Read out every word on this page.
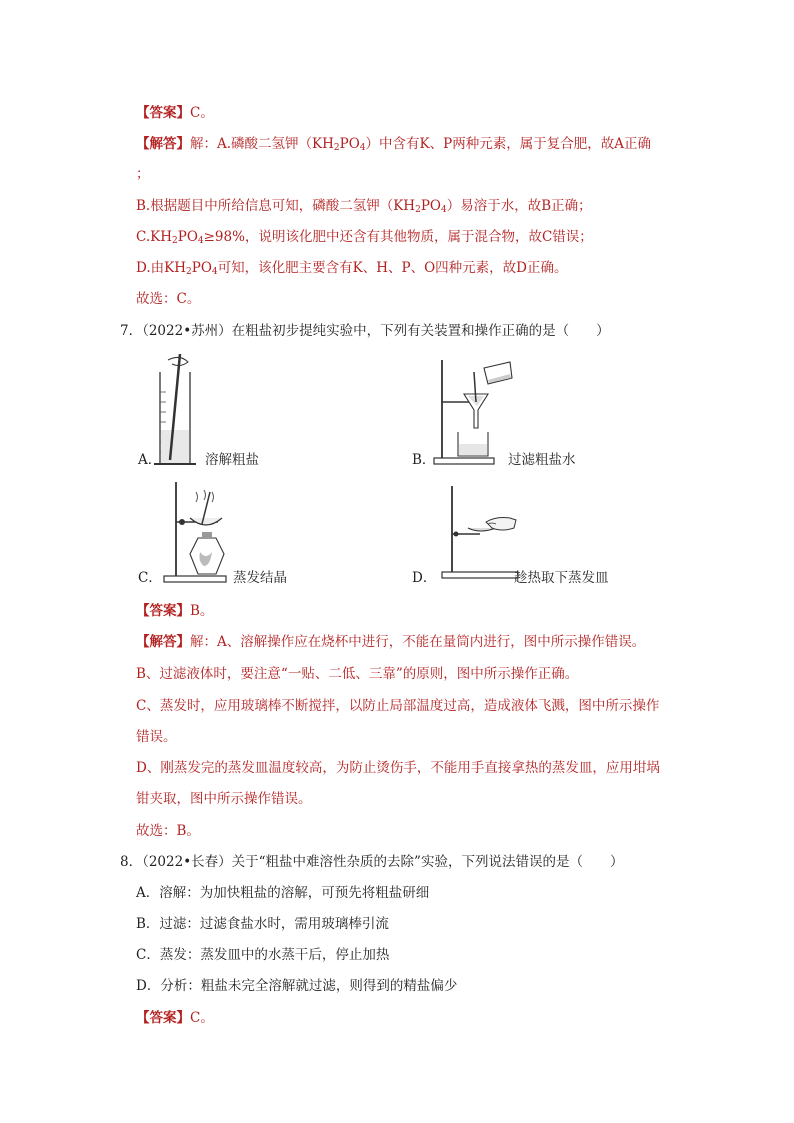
【答案】C。
【解答】解：A.磷酸二氢钾$(KH_2PO_4)$中含有K、P两种元素，属于复合肥，故A正确
；
B.根据题目中所给信息可知，磷酸二氢钾$(KH_2PO_4)$易溶于水，故B正确；
$C.KH_2PO_4\ge 98\%$，说明该化肥中还含有其他物质，属于混合物，故C错误；
D.由$KH_2PO_4$可知，该化肥主要含有K、H、P、O四种元素，故D正确。
故选：C。
7．（2022•苏州）在粗盐初步提纯实验中，下列有关装置和操作正确的是（　　）
A．	溶解粗盐	B．	过滤粗盐水
C．	蒸发结晶	D．	趁热取下蒸发皿
【答案】B。
【解答】解：A、溶解操作应在烧杯中进行，不能在量筒内进行，图中所示操作错误。
B、过滤液体时，要注意“一贴、二低、三靠”的原则，图中所示操作正确。
C、蒸发时，应用玻璃棒不断搅拌，以防止局部温度过高，造成液体飞溅，图中所示操作
错误。
D、刚蒸发完的蒸发皿温度较高，为防止烫伤手，不能用手直接拿热的蒸发皿，应用坩埚
钳夹取，图中所示操作错误。
故选：B。
8．（2022•长春）关于“粗盐中难溶性杂质的去除”实验，下列说法错误的是（　　）
A．溶解：为加快粗盐的溶解，可预先将粗盐研细
B．过滤：过滤食盐水时，需用玻璃棒引流
C．蒸发：蒸发皿中的水蒸干后，停止加热
D．分析：粗盐未完全溶解就过滤，则得到的精盐偏少
【答案】C。
